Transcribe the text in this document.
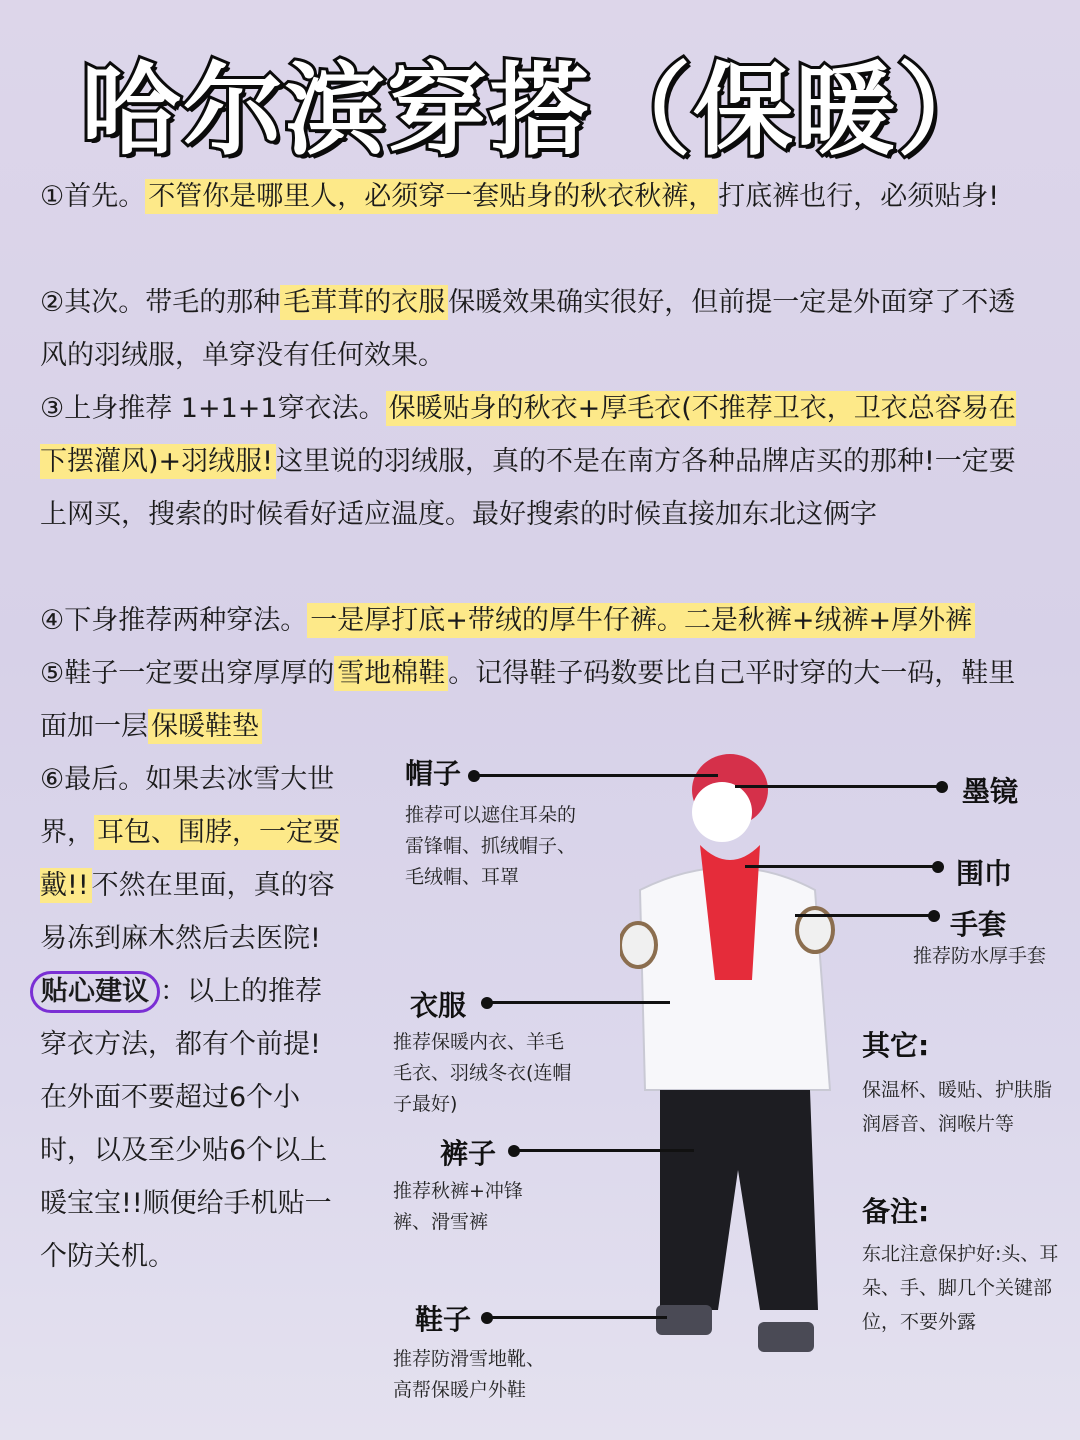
哈尔滨穿搭（保暖）
①首先。 不管你是哪里人，必须穿一套贴身的秋衣秋裤， 打底裤也行，必须贴身!
②其次。带毛的那种 毛茸茸的衣服 保暖效果确实很好，但前提一定是外面穿了不透风的羽绒服，单穿没有任何效果。
③上身推荐 1+1+1穿衣法。 保暖贴身的秋衣+厚毛衣(不推荐卫衣，卫衣总容易在下摆灌风)+羽绒服! 这里说的羽绒服，真的不是在南方各种品牌店买的那种!一定要上网买，搜索的时候看好适应温度。最好搜索的时候直接加东北这俩字
④下身推荐两种穿法。 一是厚打底+带绒的厚牛仔裤。二是秋裤+绒裤+厚外裤
⑤鞋子一定要出穿厚厚的 雪地棉鞋 。记得鞋子码数要比自己平时穿的大一码，鞋里面加一层 保暖鞋垫
⑥最后。如果去冰雪大世界， 耳包、围脖，一定要戴!! 不然在里面，真的容易冻到麻木然后去医院!
贴心建议 ：以上的推荐穿衣方法，都有个前提!在外面不要超过6个小时，以及至少贴6个以上暖宝宝!!顺便给手机贴一个防关机。
帽子
推荐可以遮住耳朵的
雷锋帽、抓绒帽子、
毛绒帽、耳罩
墨镜
围巾
手套
推荐防水厚手套
衣服
推荐保暖内衣、羊毛
毛衣、羽绒冬衣(连帽
子最好)
裤子
推荐秋裤+冲锋
裤、滑雪裤
鞋子
推荐防滑雪地靴、
高帮保暖户外鞋
其它:
保温杯、暖贴、护肤脂
润唇音、润喉片等
备注:
东北注意保护好:头、耳
朵、手、脚几个关键部
位，不要外露
